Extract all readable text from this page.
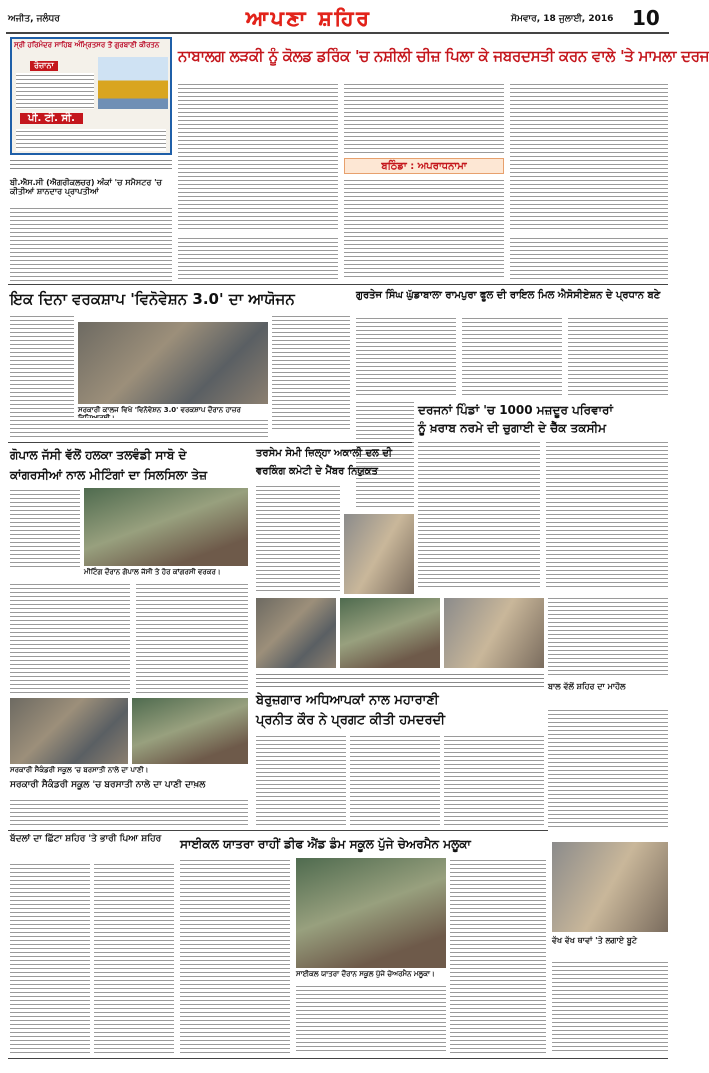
ਅਜੀਤ, ਜਲੰਧਰ	ਆਪਣਾ ਸ਼ਹਿਰ	ਸੋਮਵਾਰ, 18 ਜੁਲਾਈ, 2016 10
ਸ੍ਰੀ ਹਰਿਮੰਦਰ ਸਾਹਿਬ ਅੰਮ੍ਰਿਤਸਰ ਤੋਂ ਗੁਰਬਾਣੀ ਕੀਰਤਨ
ਰੋਜ਼ਾਨਾ
ਪੀ. ਟੀ. ਸੀ.
ਨਾਬਾਲਗ ਲੜਕੀ ਨੂੰ ਕੋਲਡ ਡਰਿੰਕ 'ਚ ਨਸ਼ੀਲੀ ਚੀਜ਼ ਪਿਲਾ ਕੇ ਜਬਰਦਸਤੀ ਕਰਨ ਵਾਲੇ 'ਤੇ ਮਾਮਲਾ ਦਰਜ
ਬਠਿੰਡਾ : ਅਪਰਾਧਨਾਮਾ
ਬੀ.ਐਸ.ਸੀ (ਐਗਰੀਕਲਚਰ) ਅੰਕਾਂ 'ਚ ਸਮੈਸਟਰ 'ਚ ਕੀਤੀਆਂ ਸ਼ਾਨਦਾਰ ਪ੍ਰਾਪਤੀਆਂ
ਇਕ ਦਿਨਾ ਵਰਕਸ਼ਾਪ 'ਵਿਨੋਵੇਸ਼ਨ 3.0' ਦਾ ਆਯੋਜਨ
ਸਰਕਾਰੀ ਕਾਲਜ ਵਿਖੇ 'ਵਿਨੋਵੇਸ਼ਨ 3.0' ਵਰਕਸ਼ਾਪ ਦੌਰਾਨ ਹਾਜ਼ਰ
ਗੁਰਤੇਜ ਸਿੰਘ ਘੁੱਡਾਬਾਲਾ ਰਾਮਪੁਰਾ ਫੂਲ ਦੀ ਰਾਇਲ ਮਿਲ ਐਸੋਸੀਏਸ਼ਨ ਦੇ ਪ੍ਰਧਾਨ ਬਣੇ
ਦਰਜਨਾਂ ਪਿੰਡਾਂ 'ਚ 1000 ਮਜ਼ਦੂਰ ਪਰਿਵਾਰਾਂ
ਨੂੰ ਖ਼ਰਾਬ ਨਰਮੇ ਦੀ ਚੁਗਾਈ ਦੇ ਚੈੱਕ ਤਕਸੀਮ
ਗੋਪਾਲ ਜੱਸੀ ਵੱਲੋਂ ਹਲਕਾ ਤਲਵੰਡੀ ਸਾਬੋ ਦੇ
ਕਾਂਗਰਸੀਆਂ ਨਾਲ ਮੀਟਿੰਗਾਂ ਦਾ ਸਿਲਸਿਲਾ ਤੇਜ਼
ਮੀਟਿੰਗ ਦੌਰਾਨ ਗੋਪਾਲ ਜੱਸੀ ਤੇ ਹੋਰ ਕਾਂਗਰਸੀ ਵਰਕਰ।
ਤਰਸੇਮ ਸੇਮੀ ਜ਼ਿਲ੍ਹਾ ਅਕਾਲੀ ਦਲ ਦੀ
ਵਰਕਿੰਗ ਕਮੇਟੀ ਦੇ ਮੈਂਬਰ ਨਿਯੁਕਤ
ਬਾਲ ਵੱਲੋਂ ਸ਼ਹਿਰ ਦਾ ਮਾਹੌਲ
ਬੇਰੁਜ਼ਗਾਰ ਅਧਿਆਪਕਾਂ ਨਾਲ ਮਹਾਰਾਣੀ
ਪ੍ਰਨੀਤ ਕੌਰ ਨੇ ਪ੍ਰਗਟ ਕੀਤੀ ਹਮਦਰਦੀ
ਸਰਕਾਰੀ ਸੈਕੰਡਰੀ ਸਕੂਲ 'ਚ ਬਰਸਾਤੀ ਨਾਲੇ ਦਾ ਪਾਣੀ।
ਸਰਕਾਰੀ ਸੈਕੰਡਰੀ ਸਕੂਲ 'ਚ ਬਰਸਾਤੀ ਨਾਲੇ ਦਾ ਪਾਣੀ ਦਾਖ਼ਲ
ਸਾਈਕਲ ਯਾਤਰਾ ਰਾਹੀਂ ਡੀਫ ਐਂਡ ਡੰਮ ਸਕੂਲ ਪੁੱਜੇ ਚੇਅਰਮੈਨ ਮਲੂਕਾ
ਸਾਈਕਲ ਯਾਤਰਾ ਦੌਰਾਨ ਸਕੂਲ ਪੁੱਜੇ ਚੇਅਰਮੈਨ ਮਲੂਕਾ।
ਬੱਦਲਾਂ ਦਾ ਛਿੱਟਾ ਸ਼ਹਿਰ 'ਤੇ ਭਾਰੀ ਪਿਆ ਸ਼ਹਿਰ
ਵੱਖ ਵੱਖ ਥਾਵਾਂ 'ਤੇ ਲਗਾਏ ਬੂਟੇ
